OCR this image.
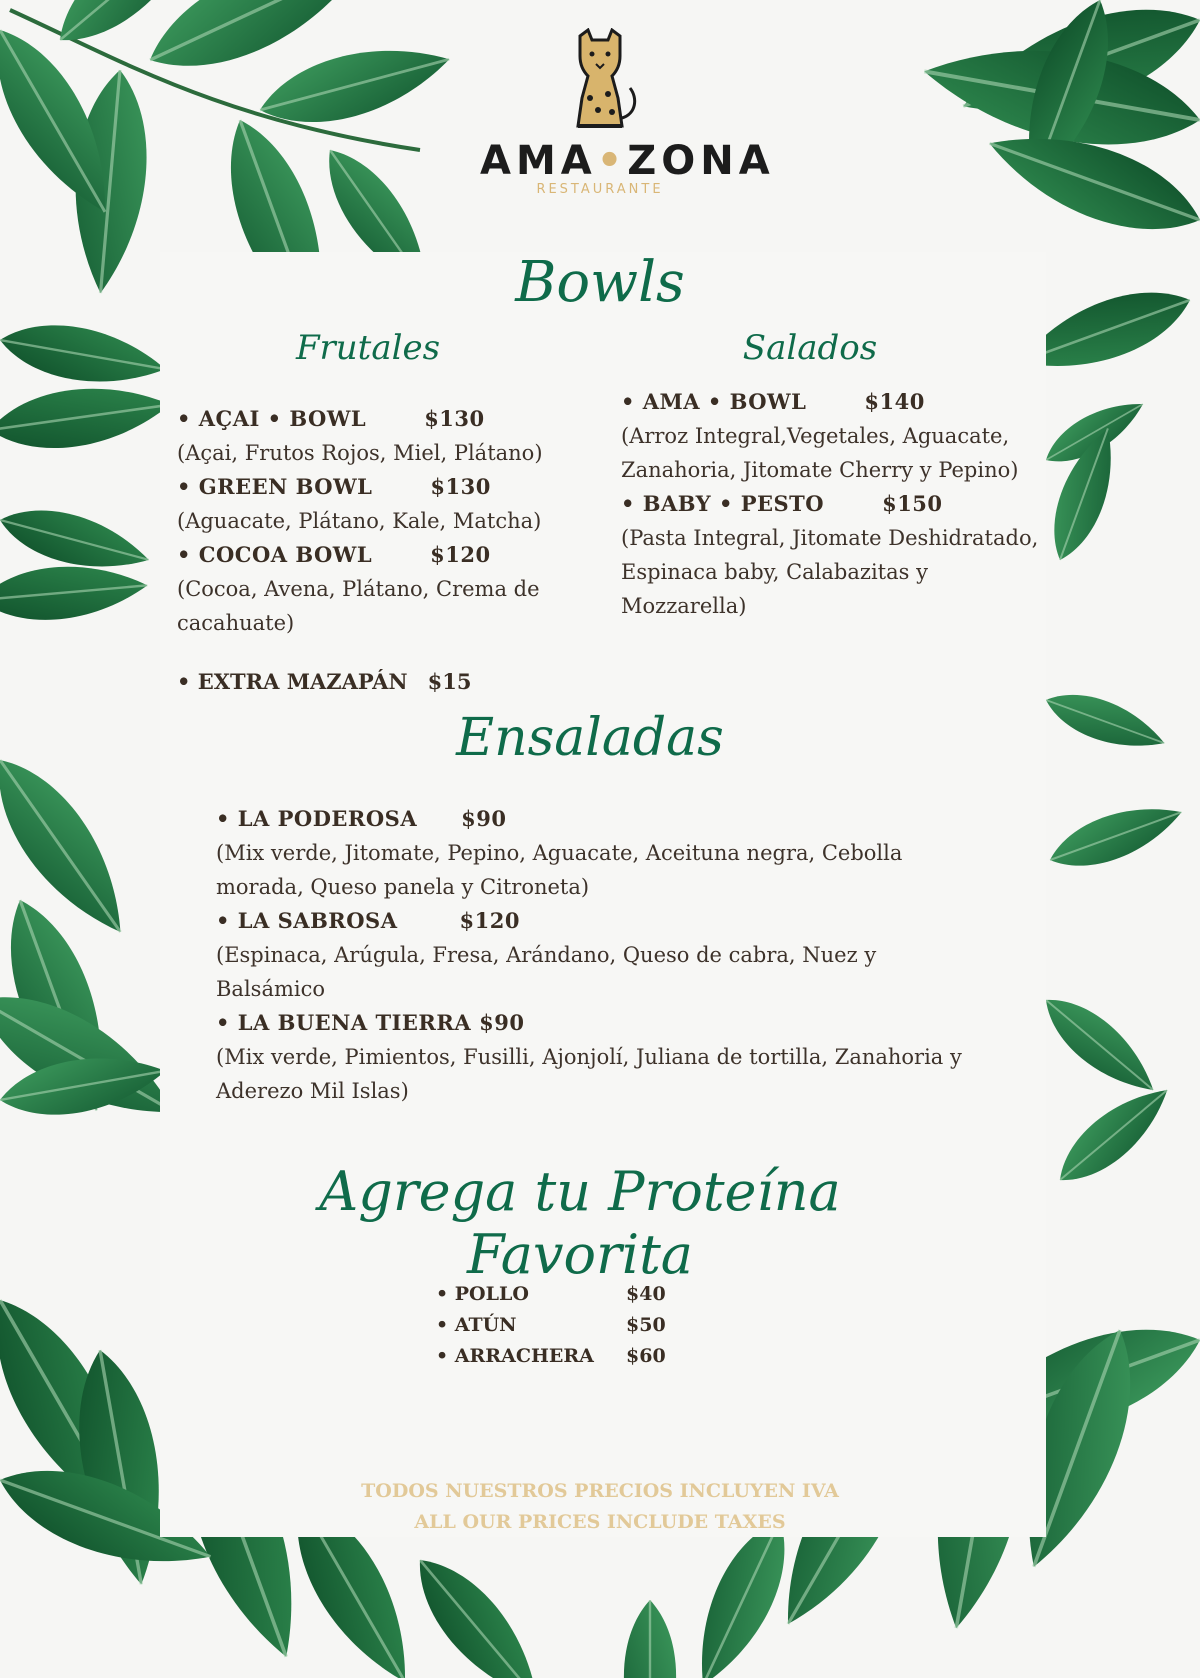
AMA•ZONA
RESTAURANTE
Bowls
Frutales	Salados
• AÇAI • BOWL	$130
(Açai, Frutos Rojos, Miel, Plátano)
• GREEN BOWL	$130
(Aguacate, Plátano, Kale, Matcha)
• COCOA BOWL	$120
(Cocoa, Avena, Plátano, Crema de cacahuate)
• EXTRA MAZAPÁN $15
• AMA • BOWL	$140
(Arroz Integral,Vegetales, Aguacate, Zanahoria, Jitomate Cherry y Pepino)
• BABY • PESTO	$150
(Pasta Integral, Jitomate Deshidratado, Espinaca baby, Calabazitas y Mozzarella)
Ensaladas
• LA PODEROSA $90
(Mix verde, Jitomate, Pepino, Aguacate, Aceituna negra, Cebolla morada, Queso panela y Citroneta)
• LA SABROSA	$120
(Espinaca, Arúgula, Fresa, Arándano, Queso de cabra, Nuez y Balsámico
• LA BUENA TIERRA $90
(Mix verde, Pimientos, Fusilli, Ajonjolí, Juliana de tortilla, Zanahoria y Aderezo Mil Islas)
Agrega tu Proteína Favorita
• POLLO	$40
• ATÚN	$50
• ARRACHERA	$60
TODOS NUESTROS PRECIOS INCLUYEN IVA
ALL OUR PRICES INCLUDE TAXES
